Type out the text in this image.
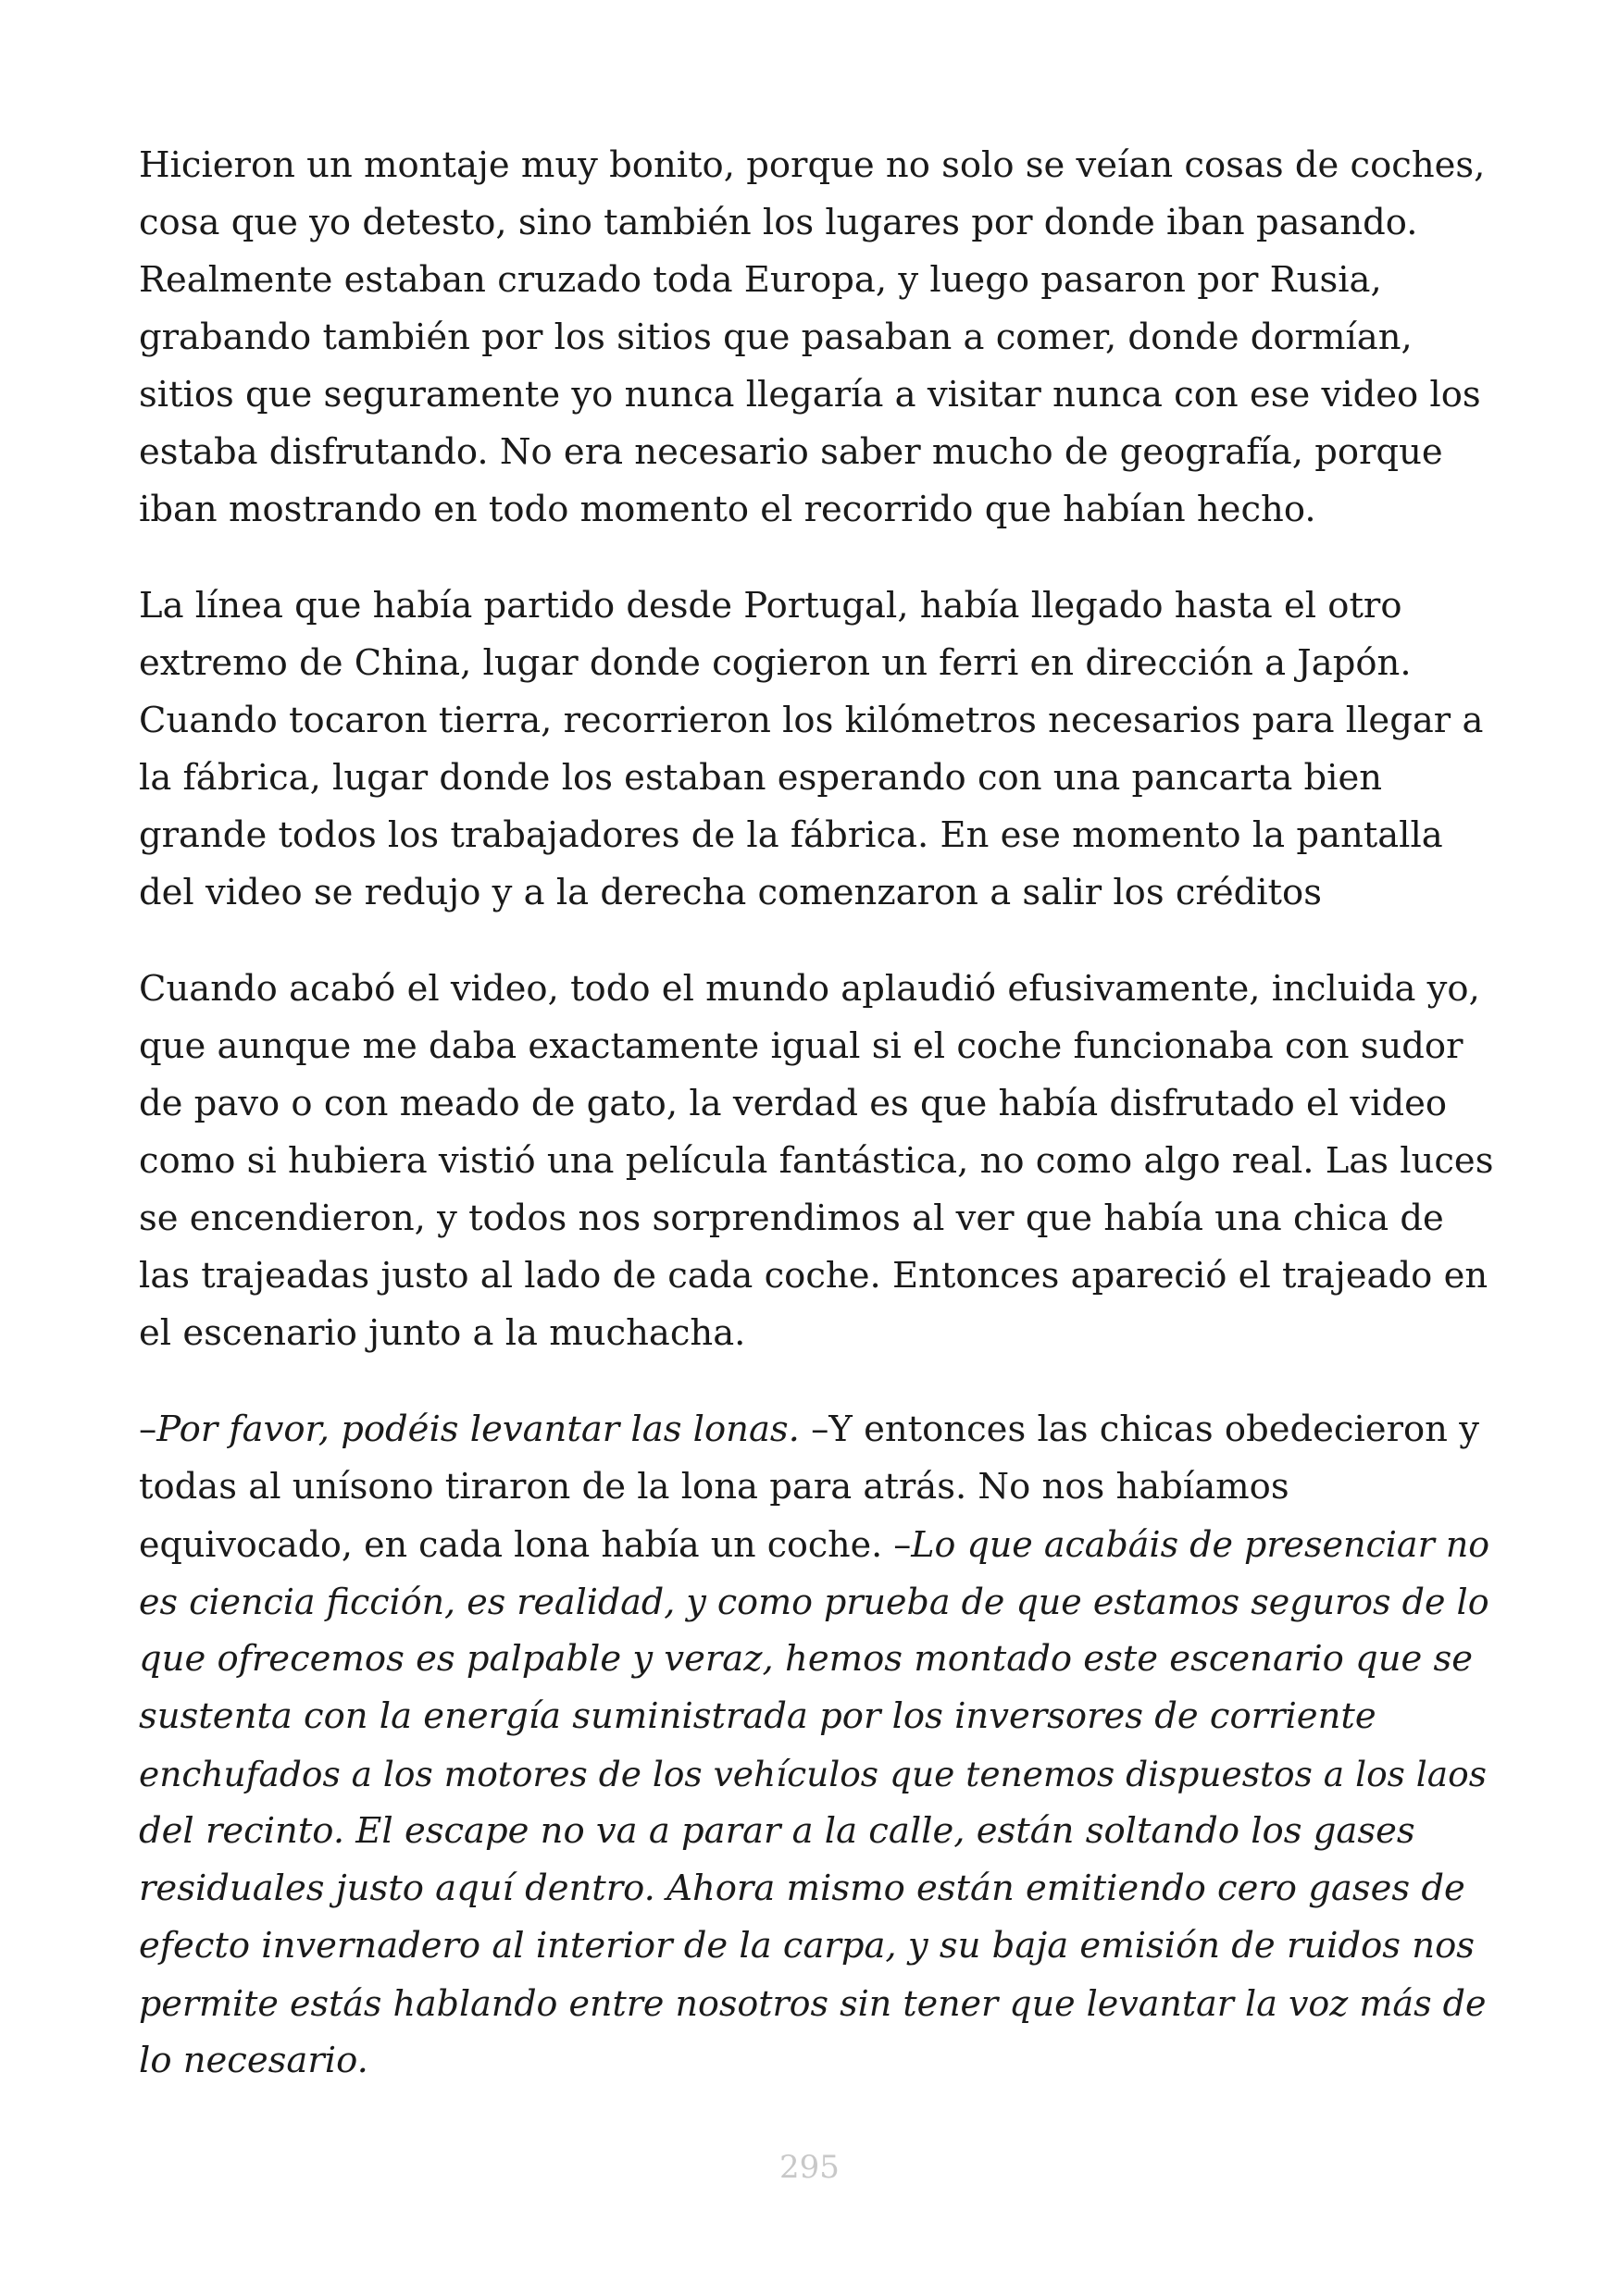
Hicieron un montaje muy bonito, porque no solo se veían cosas de coches,
cosa que yo detesto, sino también los lugares por donde iban pasando.
Realmente estaban cruzado toda Europa, y luego pasaron por Rusia,
grabando también por los sitios que pasaban a comer, donde dormían,
sitios que seguramente yo nunca llegaría a visitar nunca con ese video los
estaba disfrutando. No era necesario saber mucho de geografía, porque
iban mostrando en todo momento el recorrido que habían hecho.

La línea que había partido desde Portugal, había llegado hasta el otro
extremo de China, lugar donde cogieron un ferri en dirección a Japón.
Cuando tocaron tierra, recorrieron los kilómetros necesarios para llegar a
la fábrica, lugar donde los estaban esperando con una pancarta bien
grande todos los trabajadores de la fábrica. En ese momento la pantalla
del video se redujo y a la derecha comenzaron a salir los créditos

Cuando acabó el video, todo el mundo aplaudió efusivamente, incluida yo,
que aunque me daba exactamente igual si el coche funcionaba con sudor
de pavo o con meado de gato, la verdad es que había disfrutado el video
como si hubiera vistió una película fantástica, no como algo real. Las luces
se encendieron, y todos nos sorprendimos al ver que había una chica de
las trajeadas justo al lado de cada coche. Entonces apareció el trajeado en
el escenario junto a la muchacha.

–Por favor, podéis levantar las lonas. –Y entonces las chicas obedecieron y
todas al unísono tiraron de la lona para atrás. No nos habíamos
equivocado, en cada lona había un coche. –Lo que acabáis de presenciar no
es ciencia ficción, es realidad, y como prueba de que estamos seguros de lo
que ofrecemos es palpable y veraz, hemos montado este escenario que se
sustenta con la energía suministrada por los inversores de corriente
enchufados a los motores de los vehículos que tenemos dispuestos a los laos
del recinto. El escape no va a parar a la calle, están soltando los gases
residuales justo aquí dentro. Ahora mismo están emitiendo cero gases de
efecto invernadero al interior de la carpa, y su baja emisión de ruidos nos
permite estás hablando entre nosotros sin tener que levantar la voz más de
lo necesario.

295
